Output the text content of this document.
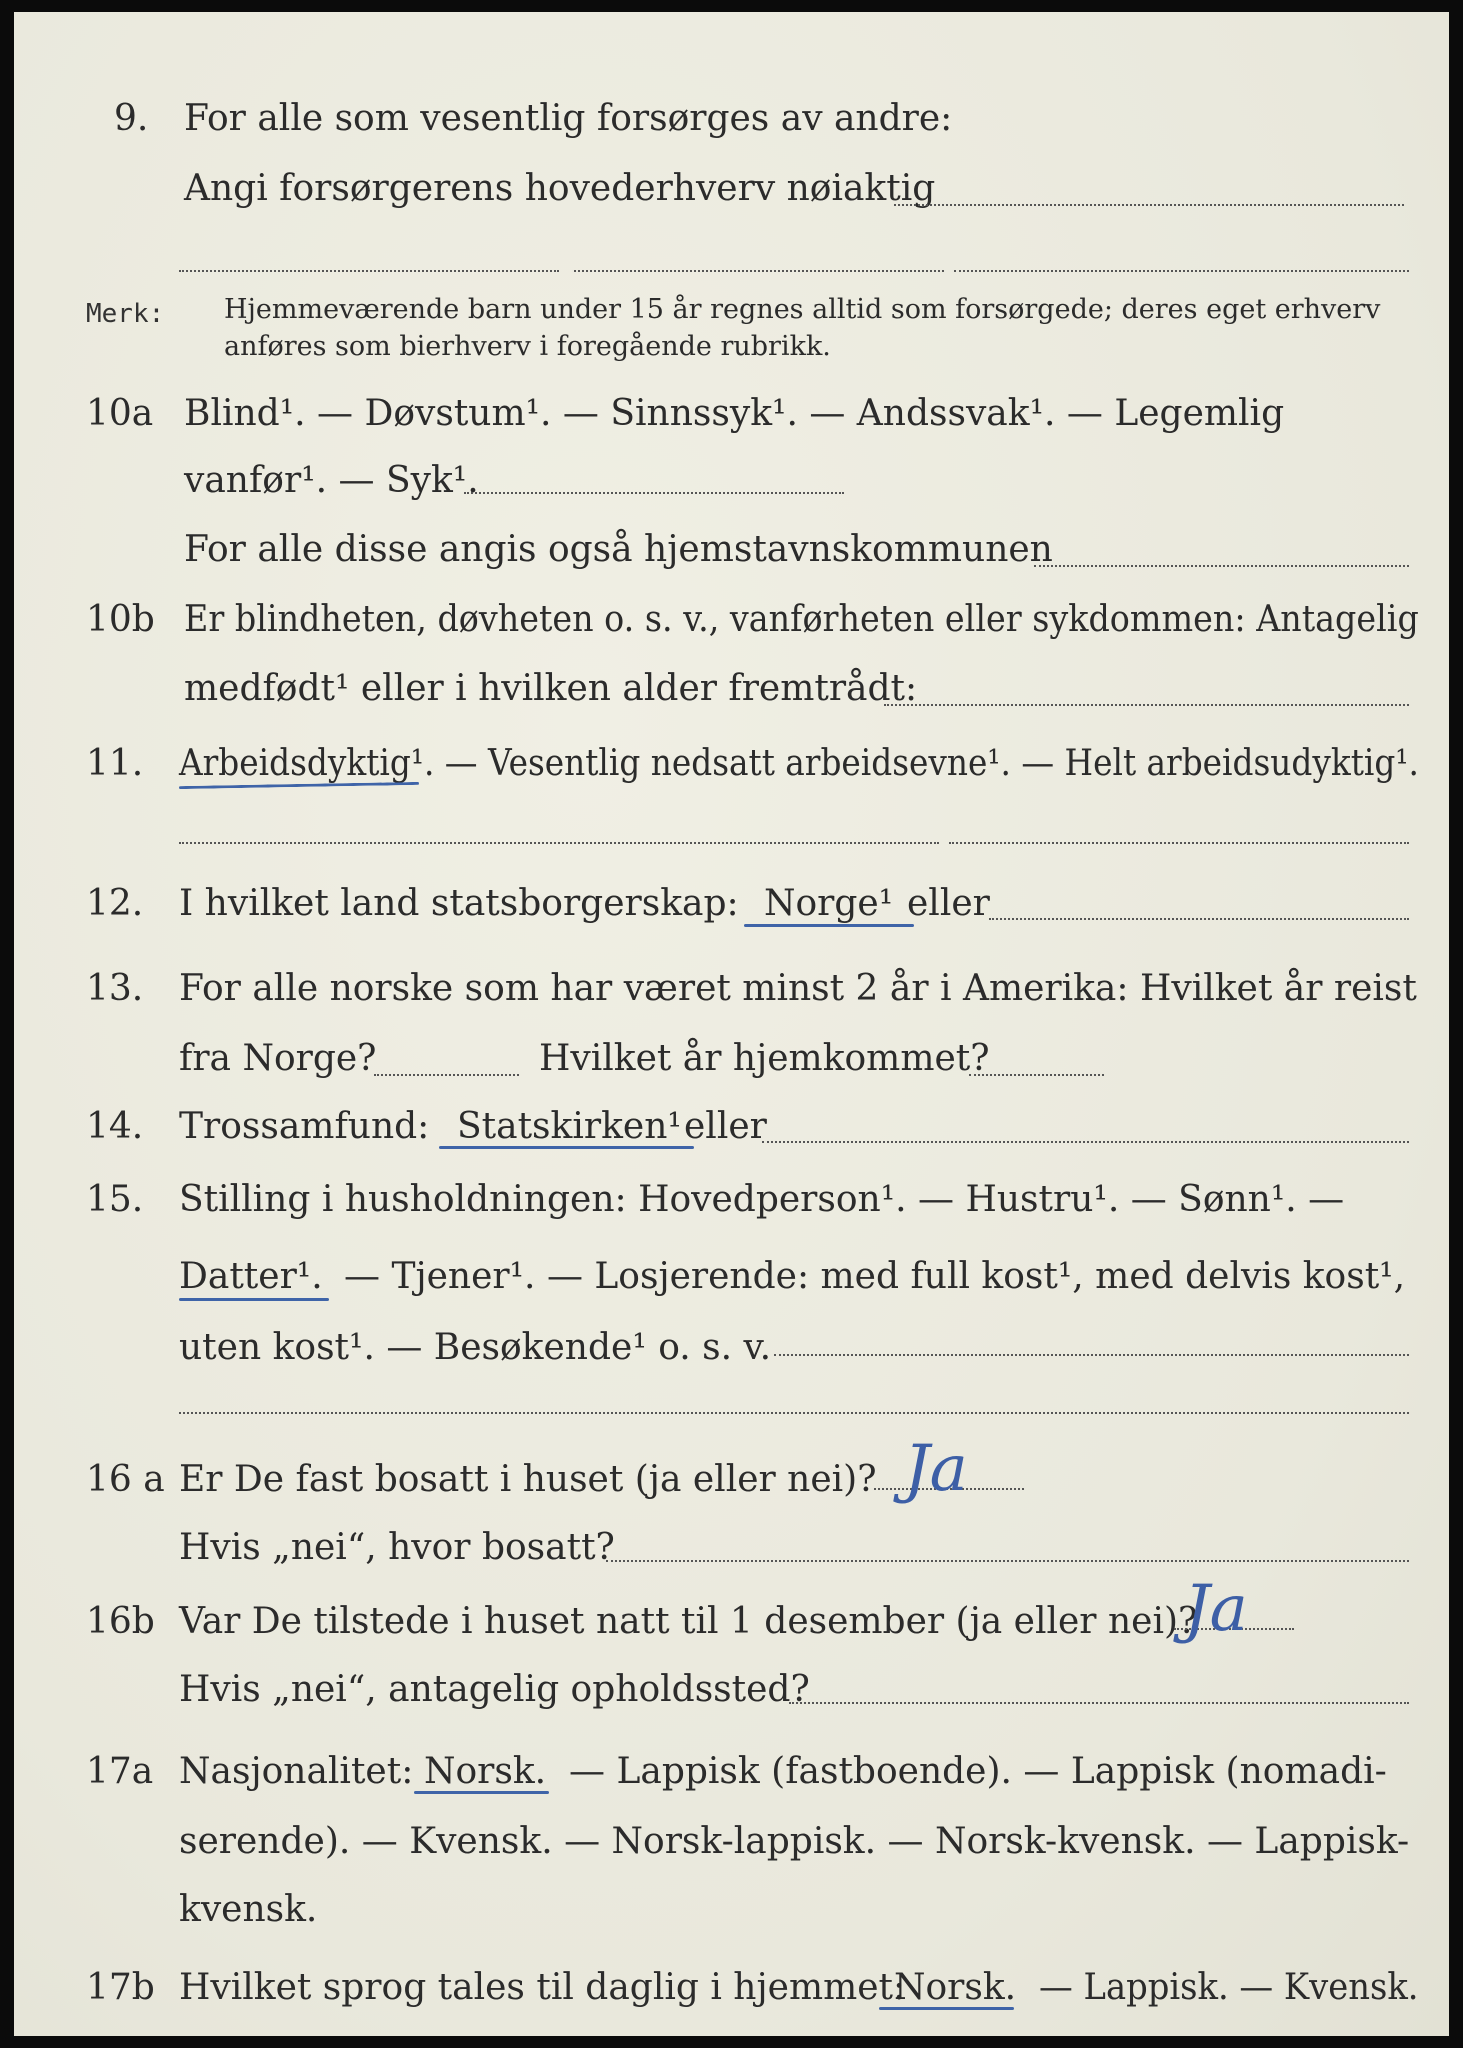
9. For alle som vesentlig forsørges av andre:

Angi forsørgerens hovederhverv nøiaktig

Merk: Hjemmeværende barn under 15 år regnes alltid som forsørgede; deres eget erhverv

anføres som bierhverv i foregående rubrikk.

10a Blind¹. — Døvstum¹. — Sinnssyk¹. — Andssvak¹. — Legemlig

vanfør¹. — Syk¹.

For alle disse angis også hjemstavnskommunen

10b Er blindheten, døvheten o. s. v., vanførheten eller sykdommen: Antagelig

medfødt¹ eller i hvilken alder fremtrådt:

11. Arbeidsdyktig¹. — Vesentlig nedsatt arbeidsevne¹. — Helt arbeidsudyktig¹.

12. I hvilket land statsborgerskap: Norge¹ eller

13. For alle norske som har været minst 2 år i Amerika: Hvilket år reist

fra Norge?	Hvilket år hjemkommet?

14. Trossamfund: Statskirken¹ eller

15. Stilling i husholdningen: Hovedperson¹. — Hustru¹. — Sønn¹. —

Datter¹. — Tjener¹. — Losjerende: med full kost¹, med delvis kost¹,

uten kost¹. — Besøkende¹ o. s. v.

16 a Er De fast bosatt i huset (ja eller nei)? Ja

Hvis „nei“, hvor bosatt?

16b Var De tilstede i huset natt til 1 desember (ja eller nei)?

Ja

Hvis „nei“, antagelig opholdssted?

17a Nasjonalitet: Norsk. — Lappisk (fastboende). — Lappisk (nomadi-

serende). — Kvensk. — Norsk-lappisk. — Norsk-kvensk. — Lappisk-

kvensk.

17b Hvilket sprog tales til daglig i hjemmet:

Norsk. — Lappisk. — Kvensk.
